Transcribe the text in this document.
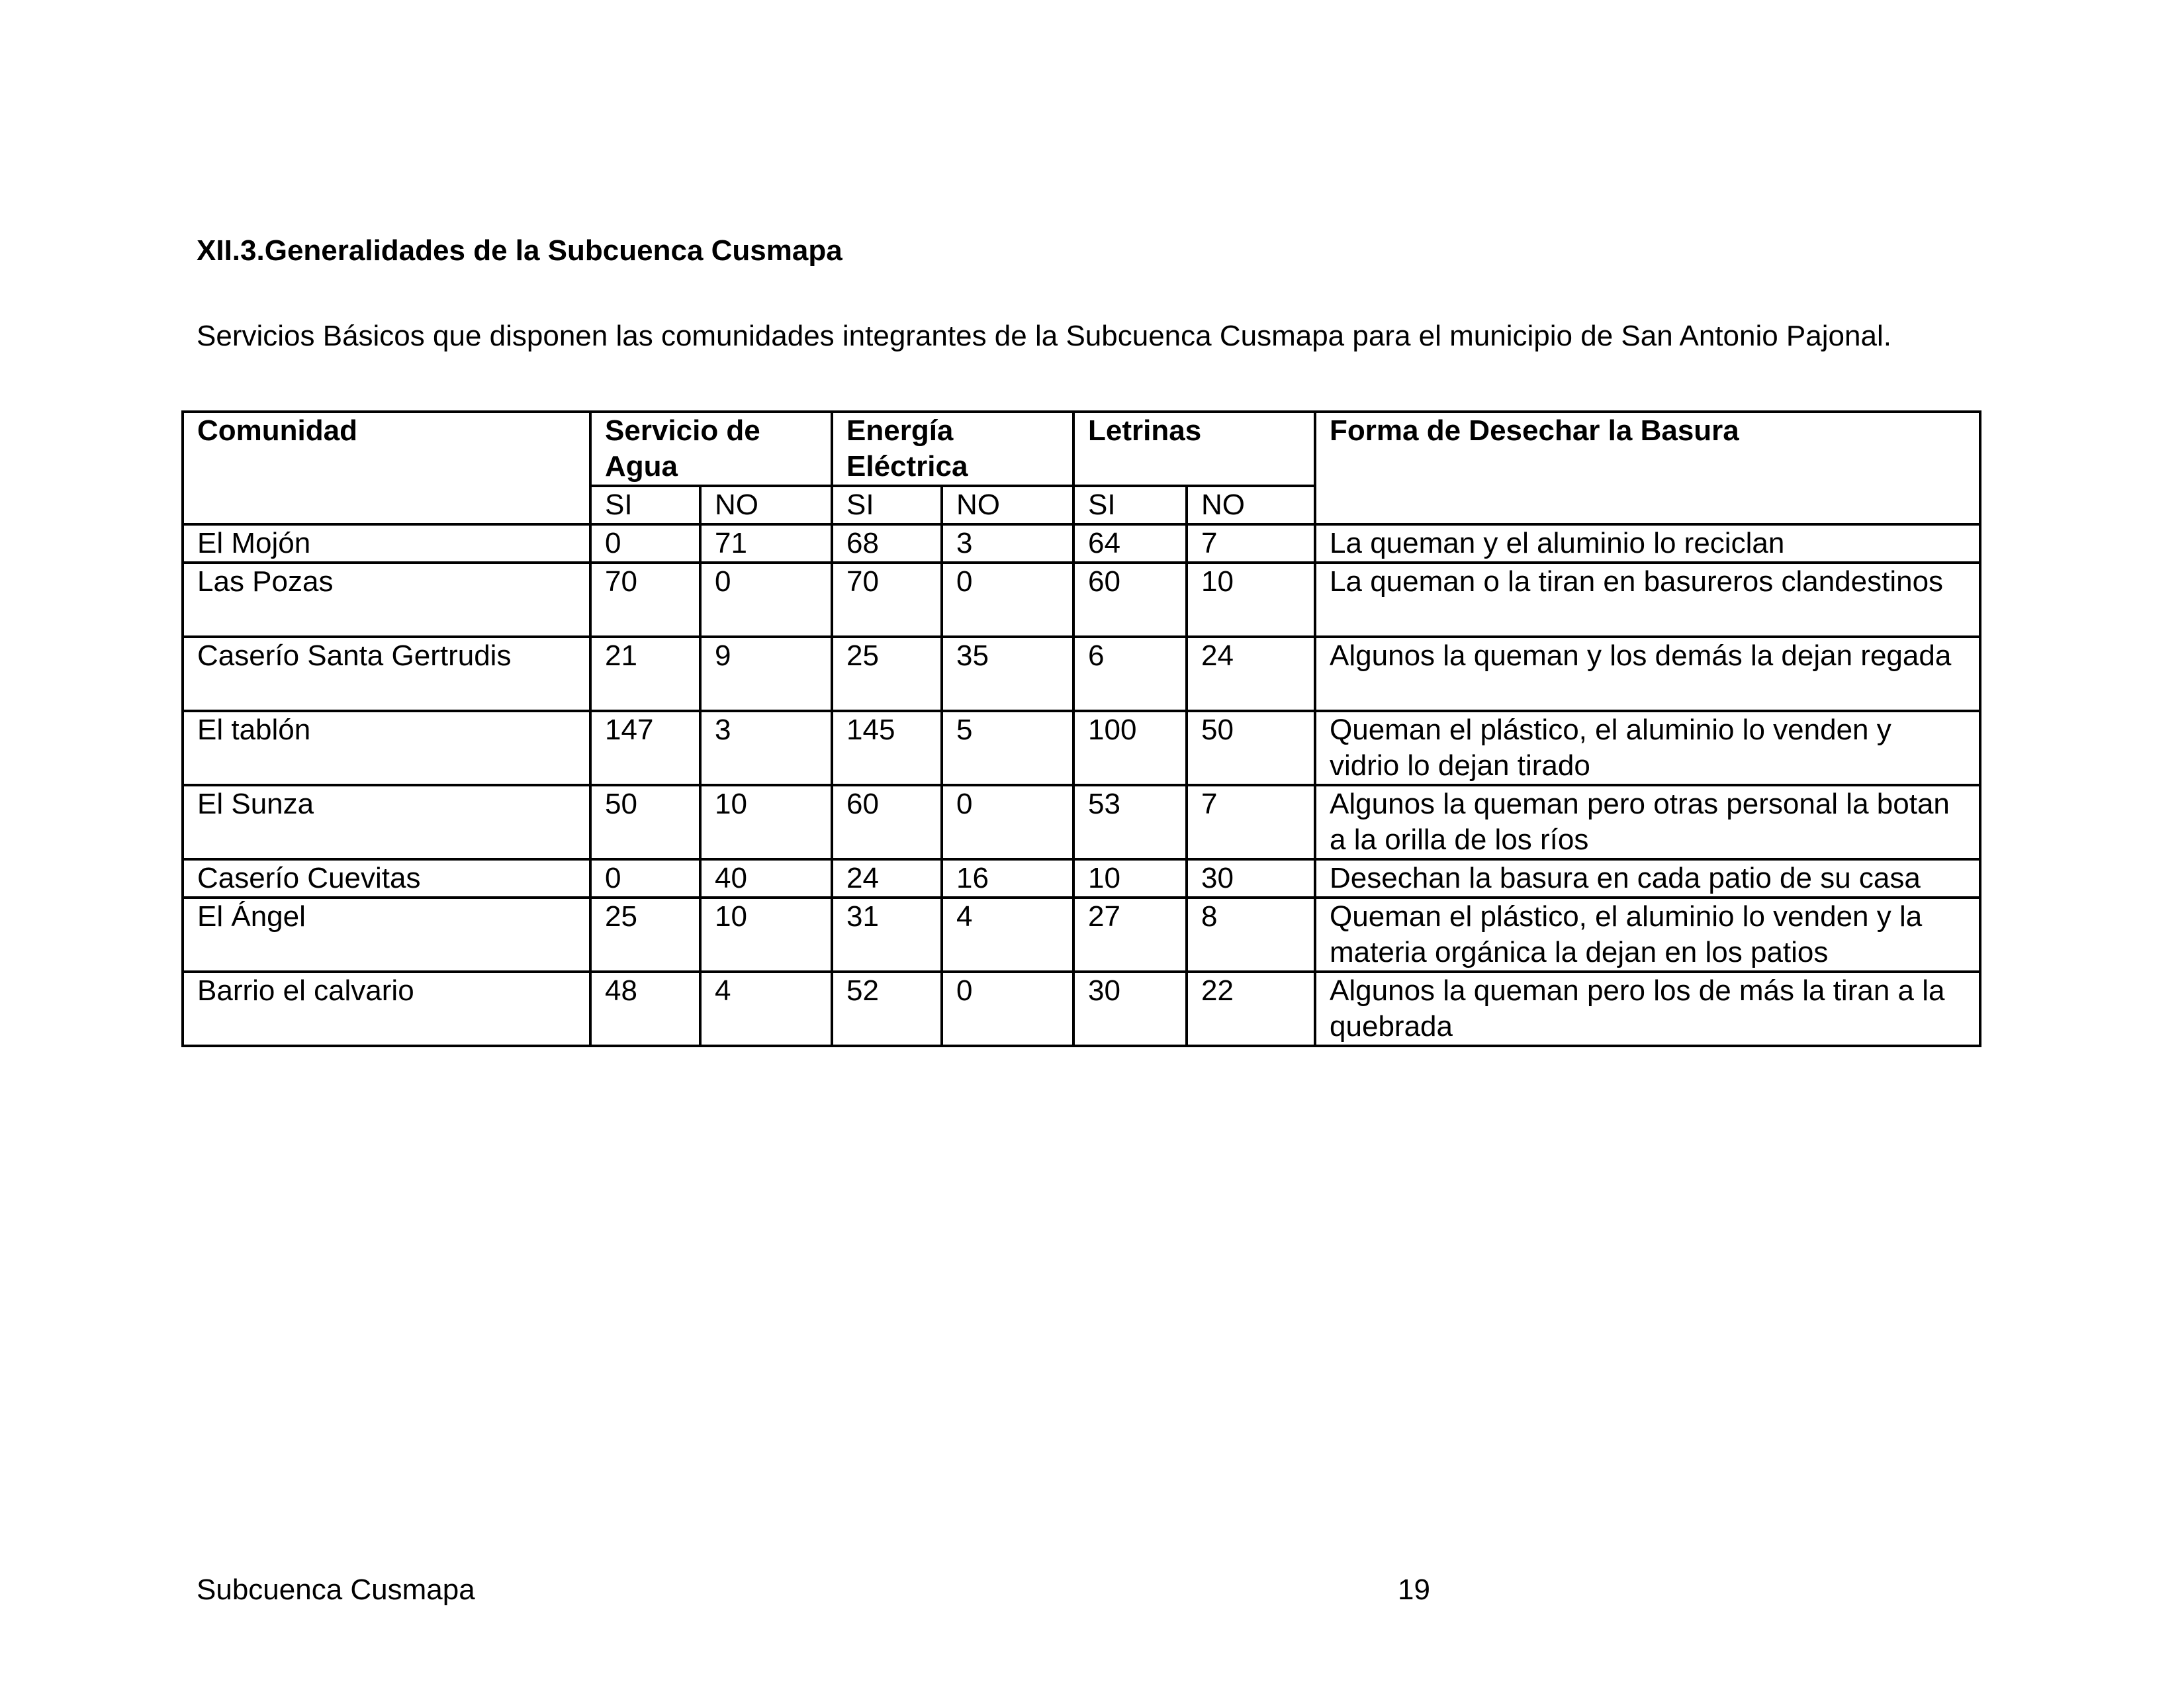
XII.3.Generalidades de la Subcuenca Cusmapa

Servicios Básicos que disponen las comunidades integrantes de la Subcuenca Cusmapa para el municipio de San Antonio Pajonal.

Comunidad	Servicio de Agua		Energía Eléctrica		Letrinas		Forma de Desechar la Basura
	SI	NO	SI	NO	SI	NO	
El Mojón	0	71	68	3	64	7	La queman y el aluminio lo reciclan
Las Pozas	70	0	70	0	60	10	La queman o la tiran en basureros clandestinos
Caserío Santa Gertrudis	21	9	25	35	6	24	Algunos la queman y los demás la dejan regada
El tablón	147	3	145	5	100	50	Queman el plástico, el aluminio lo venden y vidrio lo dejan tirado
El Sunza	50	10	60	0	53	7	Algunos la queman pero otras personal la botan a la orilla de los ríos
Caserío Cuevitas	0	40	24	16	10	30	Desechan la basura en cada patio de su casa
El Ángel	25	10	31	4	27	8	Queman el plástico, el aluminio lo venden y la materia orgánica la dejan en los patios
Barrio el calvario	48	4	52	0	30	22	Algunos la queman pero los de más la tiran a la quebrada

Subcuenca Cusmapa	19
